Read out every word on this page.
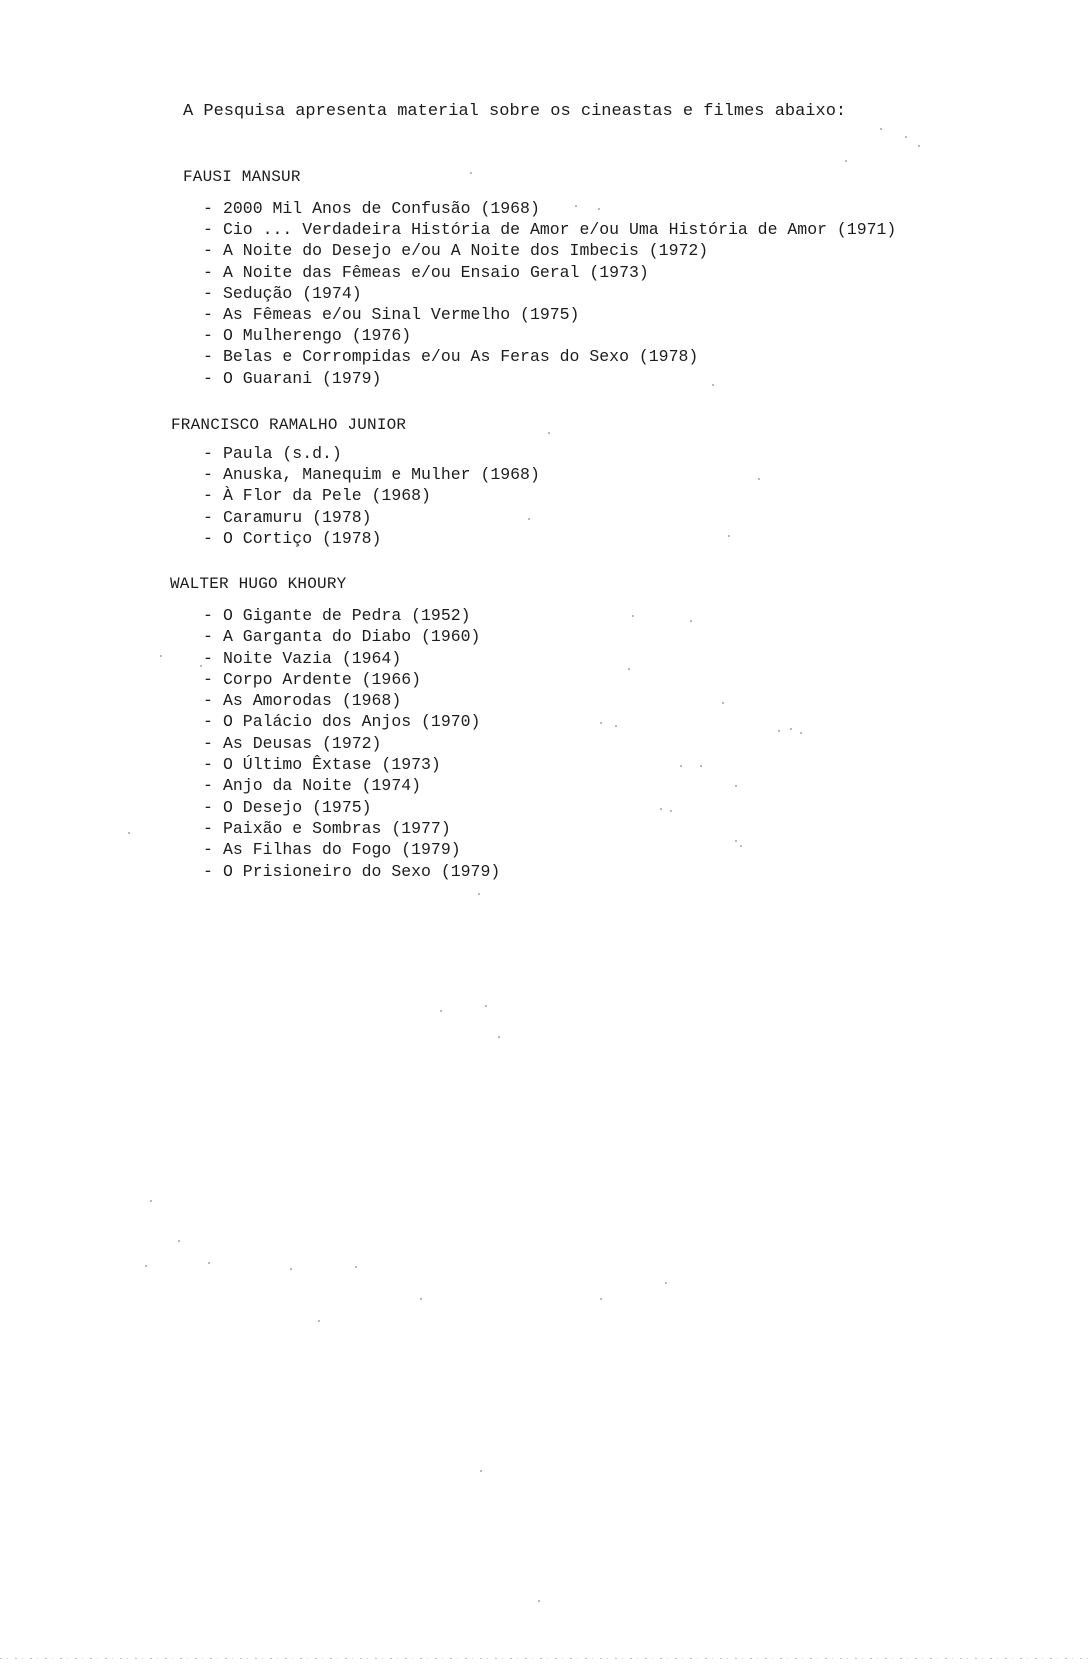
A Pesquisa apresenta material sobre os cineastas e filmes abaixo:
FAUSI MANSUR
- 2000 Mil Anos de Confusão (1968)
- Cio ... Verdadeira História de Amor e/ou Uma História de Amor (1971)
- A Noite do Desejo e/ou A Noite dos Imbecis (1972)
- A Noite das Fêmeas e/ou Ensaio Geral (1973)
- Sedução (1974)
- As Fêmeas e/ou Sinal Vermelho (1975)
- O Mulherengo (1976)
- Belas e Corrompidas e/ou As Feras do Sexo (1978)
- O Guarani (1979)
FRANCISCO RAMALHO JUNIOR
- Paula (s.d.)
- Anuska, Manequim e Mulher (1968)
- À Flor da Pele (1968)
- Caramuru (1978)
- O Cortiço (1978)
WALTER HUGO KHOURY
- O Gigante de Pedra (1952)
- A Garganta do Diabo (1960)
- Noite Vazia (1964)
- Corpo Ardente (1966)
- As Amorodas (1968)
- O Palácio dos Anjos (1970)
- As Deusas (1972)
- O Último Êxtase (1973)
- Anjo da Noite (1974)
- O Desejo (1975)
- Paixão e Sombras (1977)
- As Filhas do Fogo (1979)
- O Prisioneiro do Sexo (1979)
